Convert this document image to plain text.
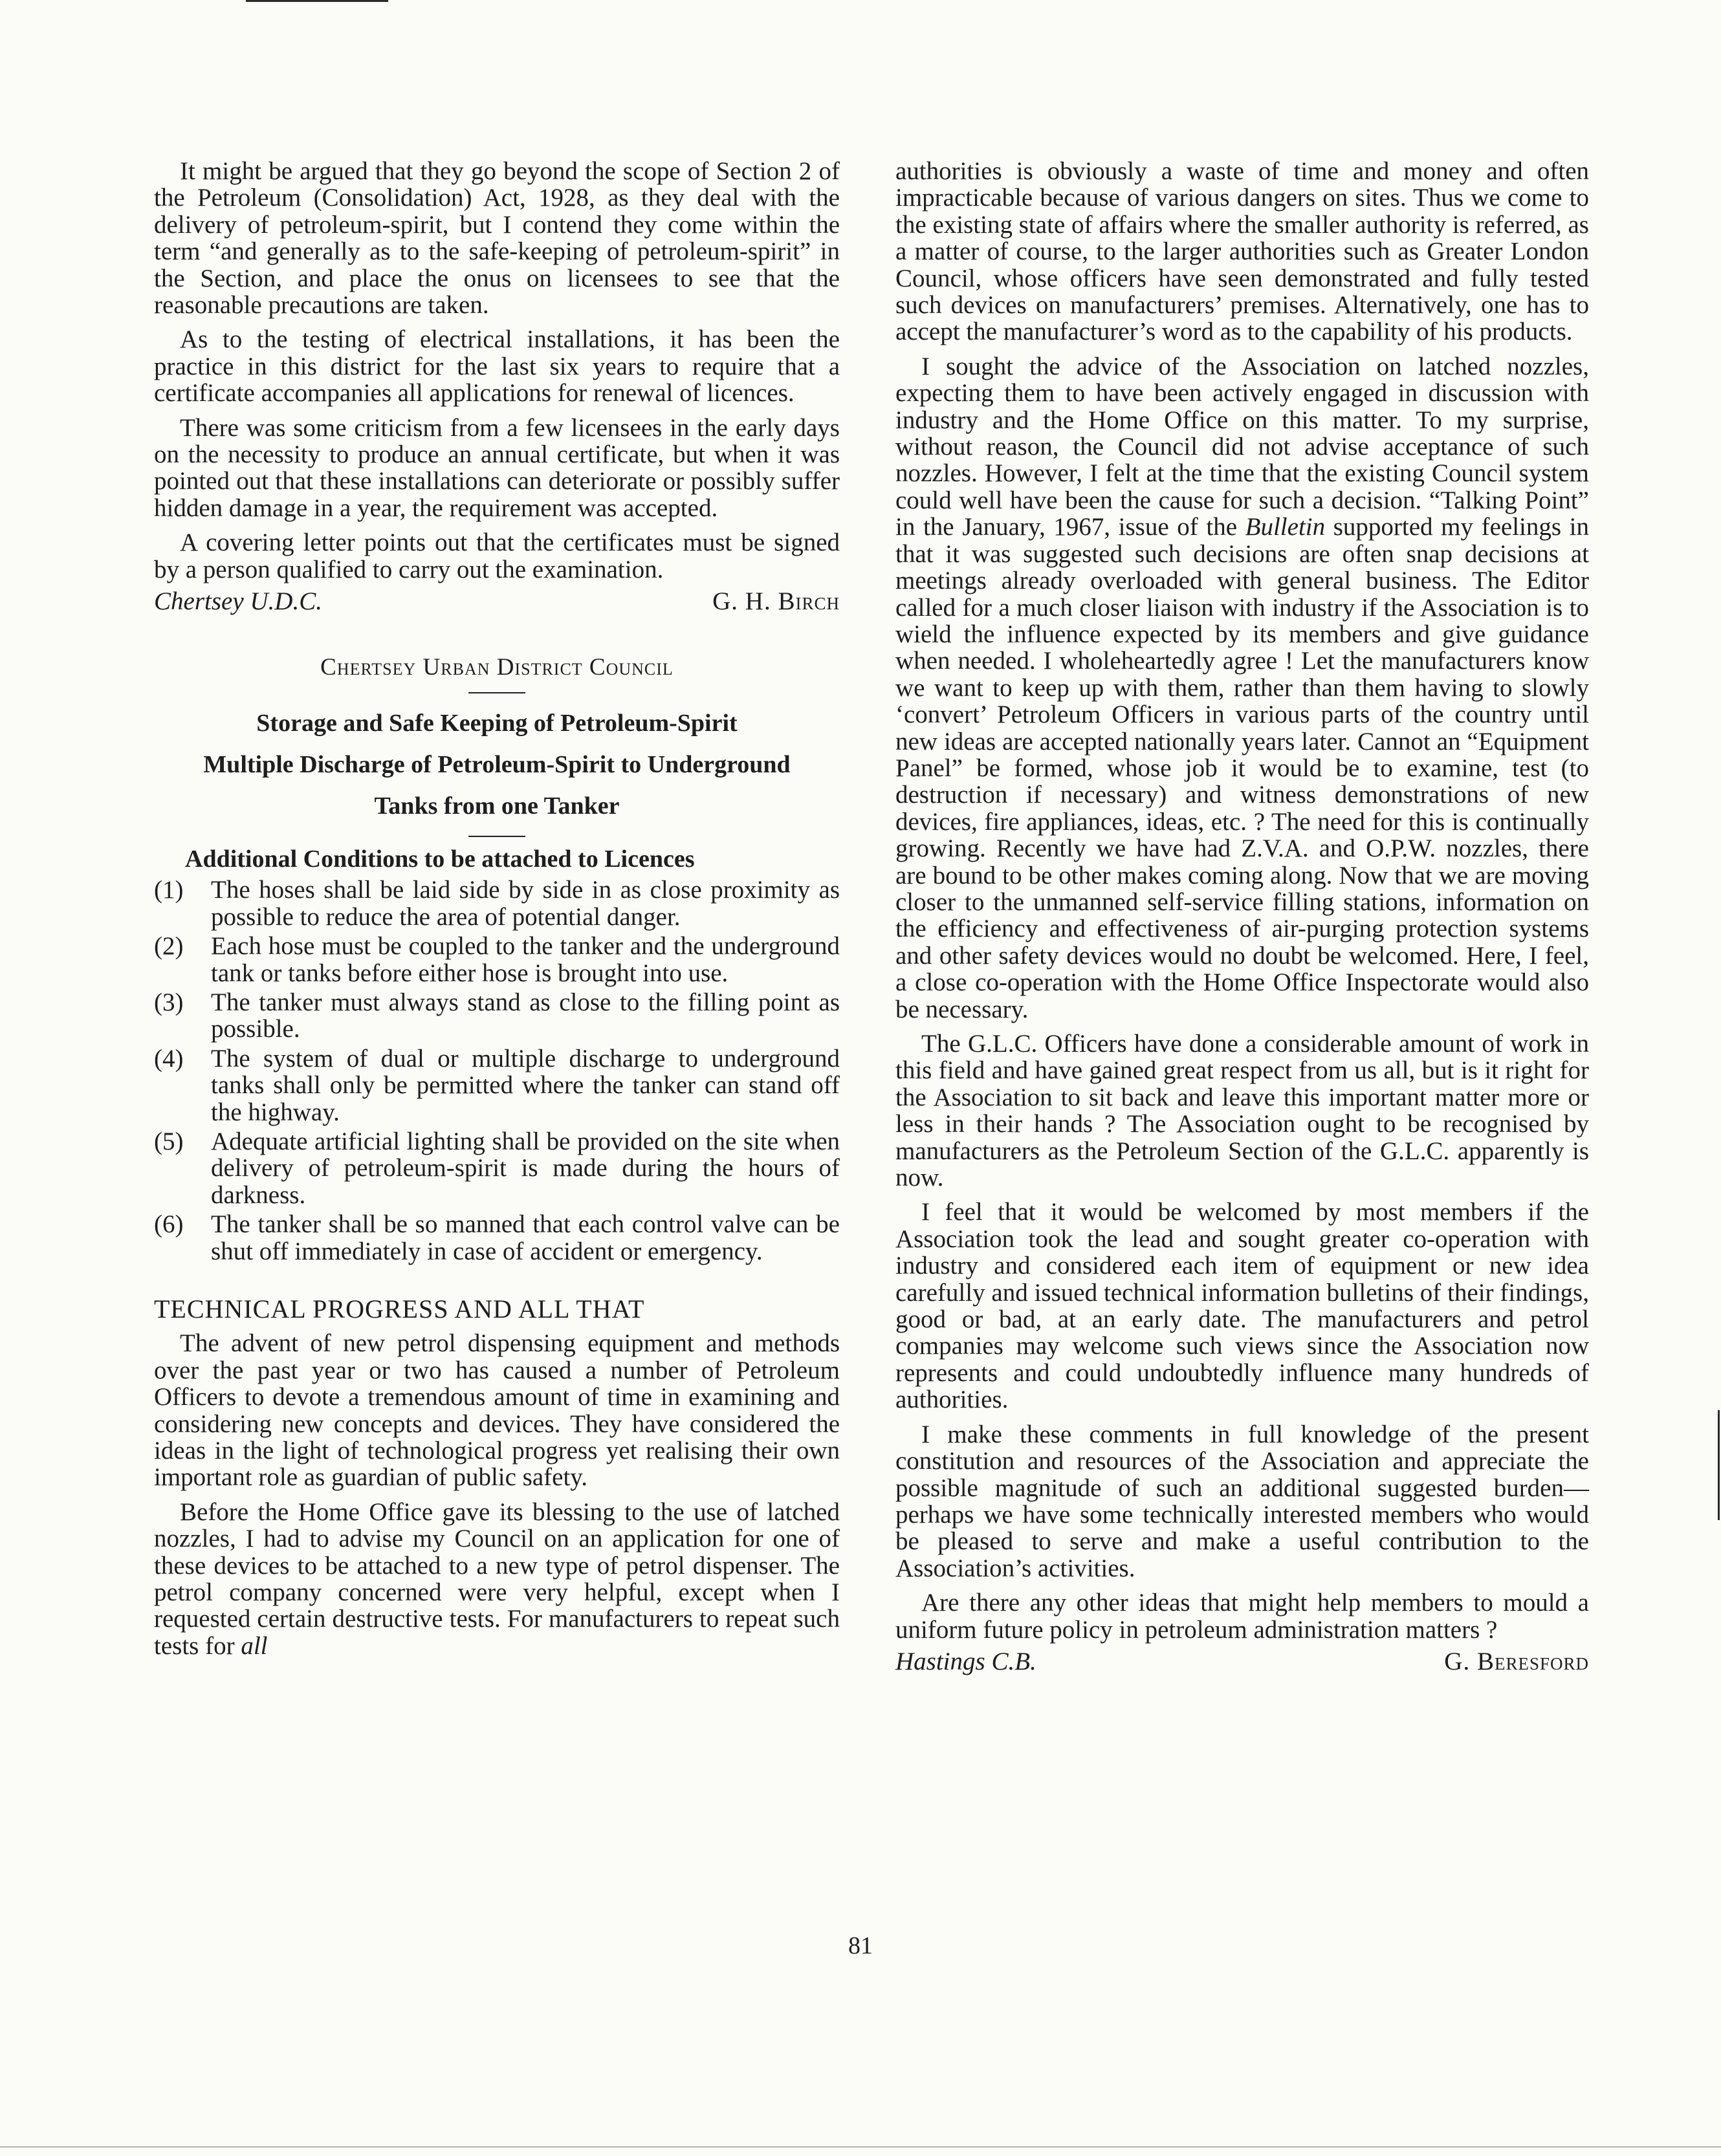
It might be argued that they go beyond the scope of Section 2 of the Petroleum (Consolidation) Act, 1928, as they deal with the delivery of petroleum-spirit, but I contend they come within the term “and generally as to the safe-keeping of petroleum-spirit” in the Section, and place the onus on licensees to see that the reasonable precautions are taken.

As to the testing of electrical installations, it has been the practice in this district for the last six years to require that a certificate accompanies all applications for renewal of licences.

There was some criticism from a few licensees in the early days on the necessity to produce an annual certificate, but when it was pointed out that these installations can deteriorate or possibly suffer hidden damage in a year, the requirement was accepted.

A covering letter points out that the certificates must be signed by a person qualified to carry out the examination.

Chertsey U.D.C.	G. H. Birch
Chertsey Urban District Council
Storage and Safe Keeping of Petroleum-Spirit
Multiple Discharge of Petroleum-Spirit to Underground
Tanks from one Tanker
Additional Conditions to be attached to Licences
(1)	The hoses shall be laid side by side in as close proximity as possible to reduce the area of potential danger.
(2)	Each hose must be coupled to the tanker and the underground tank or tanks before either hose is brought into use.
(3)	The tanker must always stand as close to the filling point as possible.
(4)	The system of dual or multiple discharge to underground tanks shall only be permitted where the tanker can stand off the highway.
(5)	Adequate artificial lighting shall be provided on the site when delivery of petroleum-spirit is made during the hours of darkness.
(6)	The tanker shall be so manned that each control valve can be shut off immediately in case of accident or emergency.
TECHNICAL PROGRESS AND ALL THAT

The advent of new petrol dispensing equipment and methods over the past year or two has caused a number of Petroleum Officers to devote a tremendous amount of time in examining and considering new concepts and devices. They have considered the ideas in the light of technological progress yet realising their own important role as guardian of public safety.

Before the Home Office gave its blessing to the use of latched nozzles, I had to advise my Council on an application for one of these devices to be attached to a new type of petrol dispenser. The petrol company concerned were very helpful, except when I requested certain destructive tests. For manufacturers to repeat such tests for all

authorities is obviously a waste of time and money and often impracticable because of various dangers on sites. Thus we come to the existing state of affairs where the smaller authority is referred, as a matter of course, to the larger authorities such as Greater London Council, whose officers have seen demonstrated and fully tested such devices on manufacturers’ premises. Alternatively, one has to accept the manufacturer’s word as to the capability of his products.

I sought the advice of the Association on latched nozzles, expecting them to have been actively engaged in discussion with industry and the Home Office on this matter. To my surprise, without reason, the Council did not advise acceptance of such nozzles. However, I felt at the time that the existing Council system could well have been the cause for such a decision. “Talking Point” in the January, 1967, issue of the Bulletin supported my feelings in that it was suggested such decisions are often snap decisions at meetings already overloaded with general business. The Editor called for a much closer liaison with industry if the Association is to wield the influence expected by its members and give guidance when needed. I wholeheartedly agree ! Let the manufacturers know we want to keep up with them, rather than them having to slowly ‘convert’ Petroleum Officers in various parts of the country until new ideas are accepted nationally years later. Cannot an “Equipment Panel” be formed, whose job it would be to examine, test (to destruction if necessary) and witness demonstrations of new devices, fire appliances, ideas, etc. ? The need for this is continually growing. Recently we have had Z.V.A. and O.P.W. nozzles, there are bound to be other makes coming along. Now that we are moving closer to the unmanned self-service filling stations, information on the efficiency and effectiveness of air-purging protection systems and other safety devices would no doubt be welcomed. Here, I feel, a close co-operation with the Home Office Inspectorate would also be necessary.

The G.L.C. Officers have done a considerable amount of work in this field and have gained great respect from us all, but is it right for the Association to sit back and leave this important matter more or less in their hands ? The Association ought to be recognised by manufacturers as the Petroleum Section of the G.L.C. apparently is now.

I feel that it would be welcomed by most members if the Association took the lead and sought greater co-operation with industry and considered each item of equipment or new idea carefully and issued technical information bulletins of their findings, good or bad, at an early date. The manufacturers and petrol companies may welcome such views since the Association now represents and could undoubtedly influence many hundreds of authorities.

I make these comments in full knowledge of the present constitution and resources of the Association and appreciate the possible magnitude of such an additional suggested burden—perhaps we have some technically interested members who would be pleased to serve and make a useful contribution to the Association’s activities.

Are there any other ideas that might help members to mould a uniform future policy in petroleum administration matters ?

Hastings C.B.	G. Beresford
81
